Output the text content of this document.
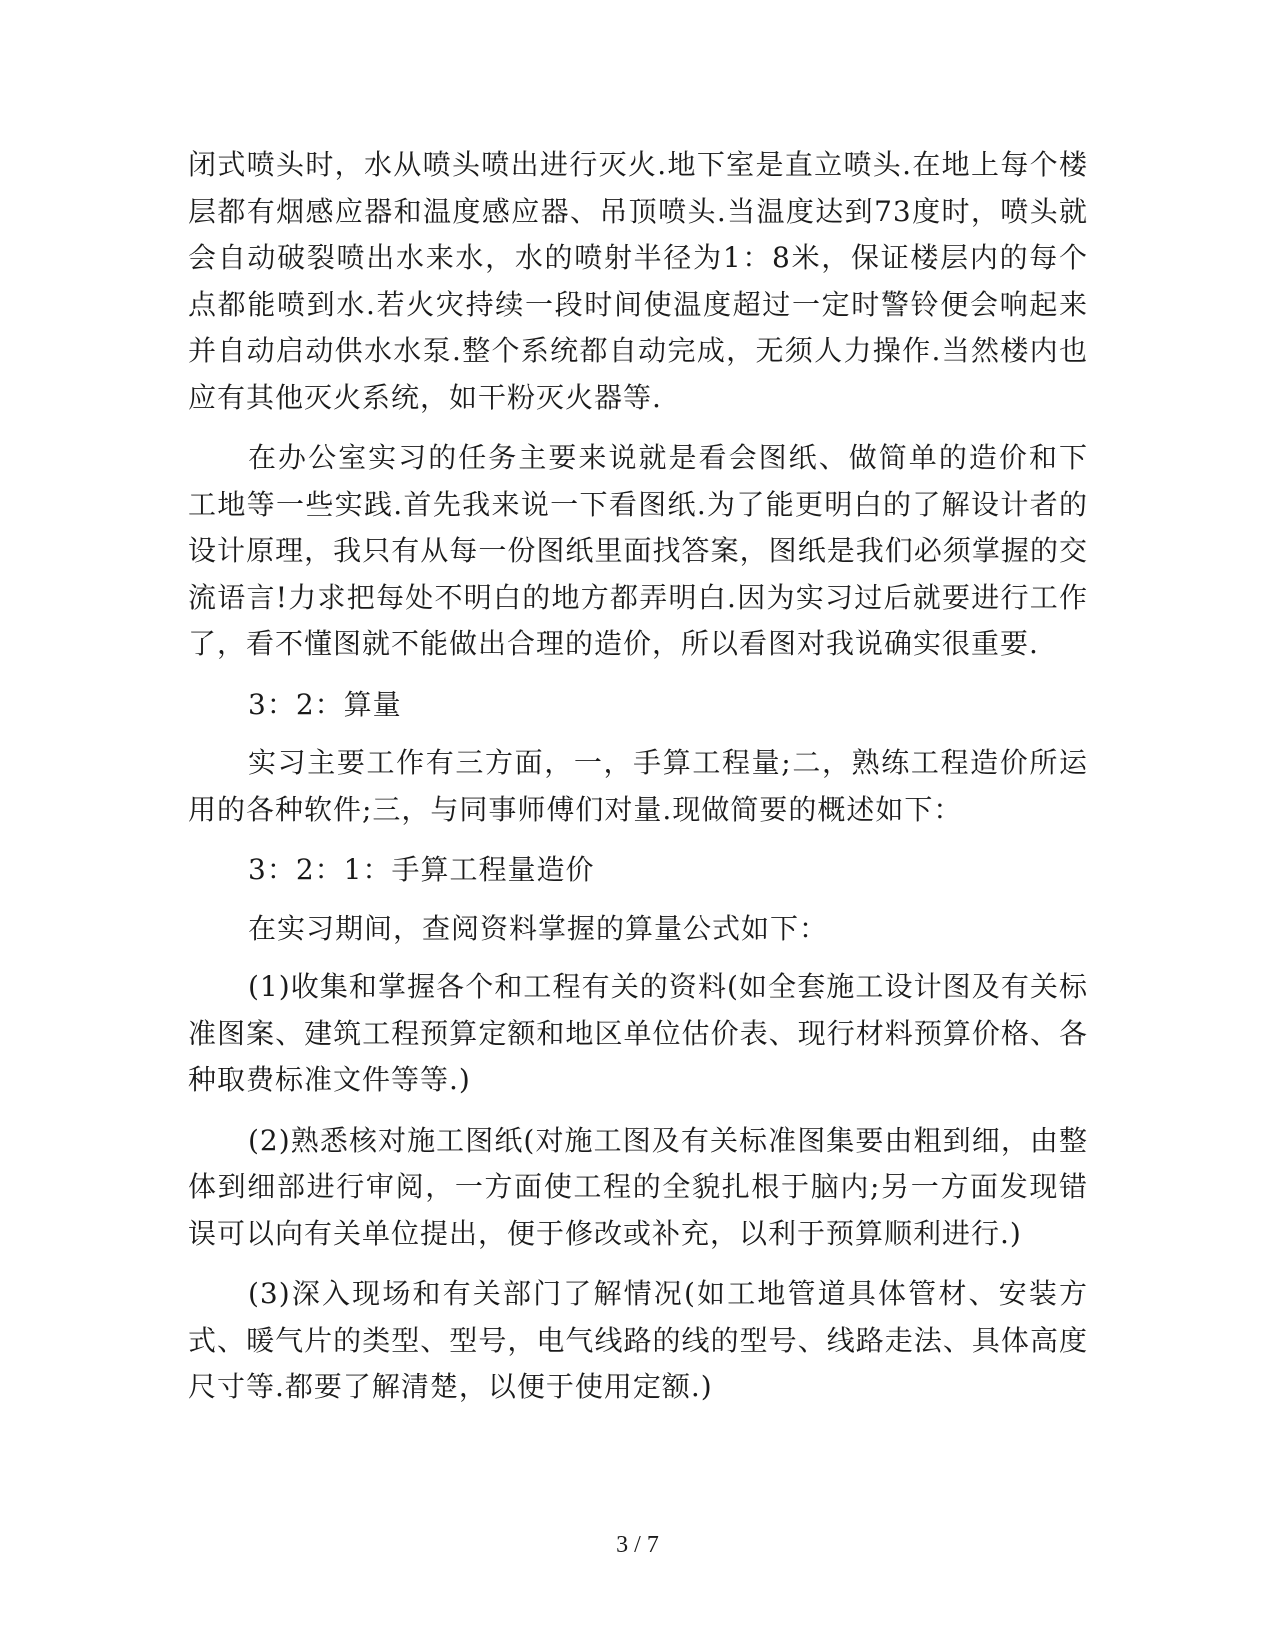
闭式喷头时，水从喷头喷出进行灭火.地下室是直立喷头.在地上每个楼层都有烟感应器和温度感应器、吊顶喷头.当温度达到73度时，喷头就会自动破裂喷出水来水，水的喷射半径为1：8米，保证楼层内的每个点都能喷到水.若火灾持续一段时间使温度超过一定时警铃便会响起来并自动启动供水水泵.整个系统都自动完成，无须人力操作.当然楼内也应有其他灭火系统，如干粉灭火器等.

在办公室实习的任务主要来说就是看会图纸、做简单的造价和下工地等一些实践.首先我来说一下看图纸.为了能更明白的了解设计者的设计原理，我只有从每一份图纸里面找答案，图纸是我们必须掌握的交流语言!力求把每处不明白的地方都弄明白.因为实习过后就要进行工作了，看不懂图就不能做出合理的造价，所以看图对我说确实很重要.

3：2：算量

实习主要工作有三方面，一，手算工程量;二，熟练工程造价所运用的各种软件;三，与同事师傅们对量.现做简要的概述如下：

3：2：1：手算工程量造价

在实习期间，查阅资料掌握的算量公式如下：

(1)收集和掌握各个和工程有关的资料(如全套施工设计图及有关标准图案、建筑工程预算定额和地区单位估价表、现行材料预算价格、各种取费标准文件等等.)

(2)熟悉核对施工图纸(对施工图及有关标准图集要由粗到细，由整体到细部进行审阅，一方面使工程的全貌扎根于脑内;另一方面发现错误可以向有关单位提出，便于修改或补充，以利于预算顺利进行.)

(3)深入现场和有关部门了解情况(如工地管道具体管材、安装方式、暖气片的类型、型号，电气线路的线的型号、线路走法、具体高度尺寸等.都要了解清楚，以便于使用定额.)

3 / 7
